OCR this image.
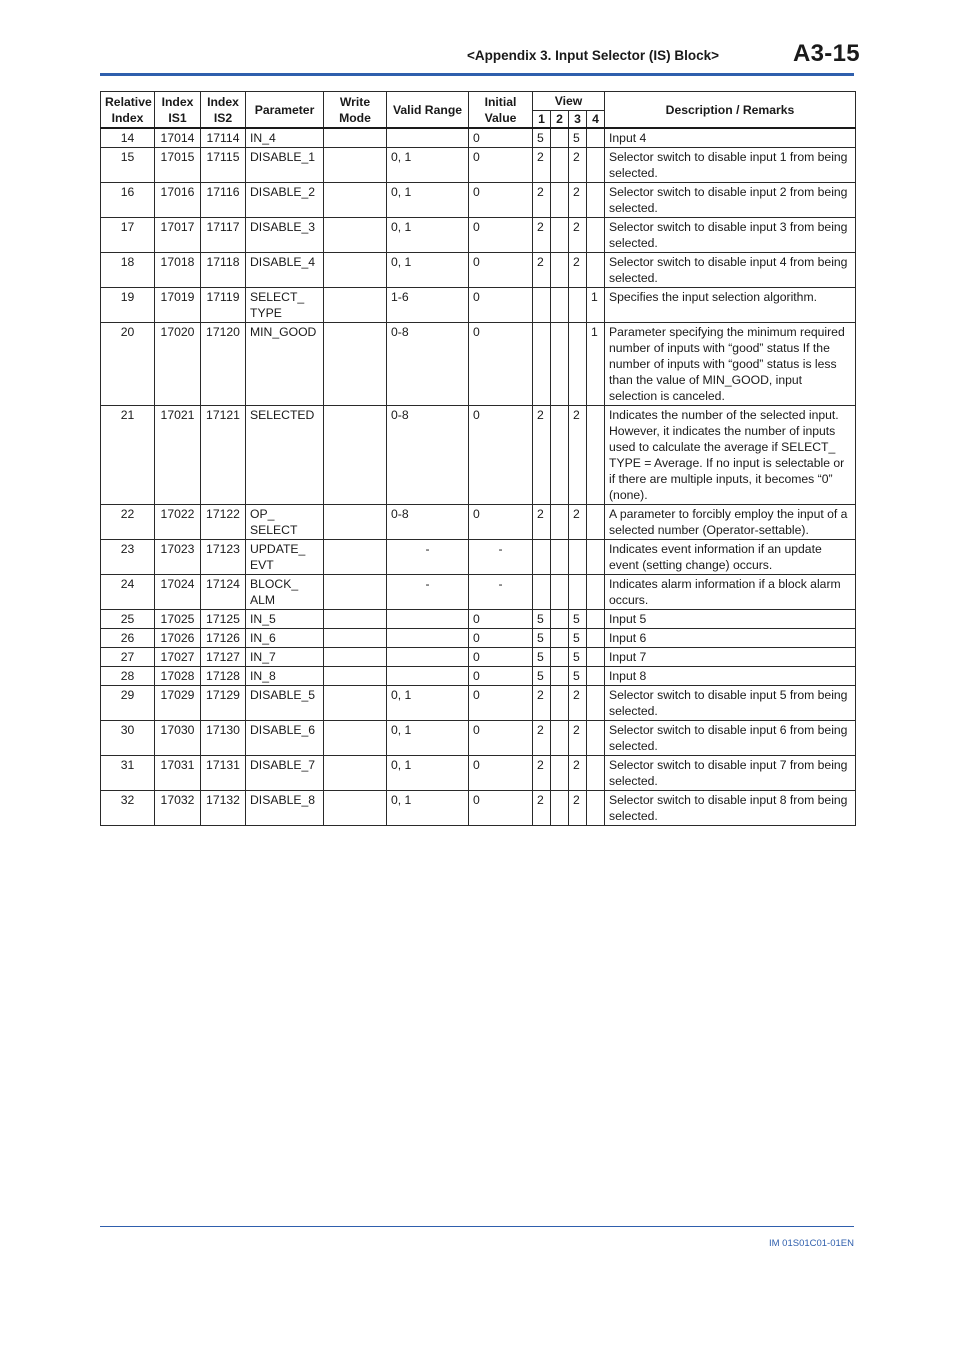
<Appendix 3. Input Selector (IS) Block>	A3-15
Relative Index	Index IS1	Index IS2	Parameter	Write Mode	Valid Range	Initial Value	View				Description / Remarks
							1	2	3	4	
14	17014	17114	IN_4			0	5		5		Input 4
15	17015	17115	DISABLE_1		0, 1	0	2		2		Selector switch to disable input 1 from being selected.
16	17016	17116	DISABLE_2		0, 1	0	2		2		Selector switch to disable input 2 from being selected.
17	17017	17117	DISABLE_3		0, 1	0	2		2		Selector switch to disable input 3 from being selected.
18	17018	17118	DISABLE_4		0, 1	0	2		2		Selector switch to disable input 4 from being selected.
19	17019	17119	SELECT_ TYPE		1-6	0				1	Specifies the input selection algorithm.
20	17020	17120	MIN_GOOD		0-8	0				1	Parameter specifying the minimum required number of inputs with “good” status If the number of inputs with “good” status is less than the value of MIN_GOOD, input selection is canceled.
21	17021	17121	SELECTED		0-8	0	2		2		Indicates the number of the selected input. However, it indicates the number of inputs used to calculate the average if SELECT_ TYPE = Average. If no input is selectable or if there are multiple inputs, it becomes “0” (none).
22	17022	17122	OP_ SELECT		0-8	0	2		2		A parameter to forcibly employ the input of a selected number (Operator-settable).
23	17023	17123	UPDATE_ EVT		-	-					Indicates event information if an update event (setting change) occurs.
24	17024	17124	BLOCK_ ALM		-	-					Indicates alarm information if a block alarm occurs.
25	17025	17125	IN_5			0	5		5		Input 5
26	17026	17126	IN_6			0	5		5		Input 6
27	17027	17127	IN_7			0	5		5		Input 7
28	17028	17128	IN_8			0	5		5		Input 8
29	17029	17129	DISABLE_5		0, 1	0	2		2		Selector switch to disable input 5 from being selected.
30	17030	17130	DISABLE_6		0, 1	0	2		2		Selector switch to disable input 6 from being selected.
31	17031	17131	DISABLE_7		0, 1	0	2		2		Selector switch to disable input 7 from being selected.
32	17032	17132	DISABLE_8		0, 1	0	2		2		Selector switch to disable input 8 from being selected.
IM 01S01C01-01EN
